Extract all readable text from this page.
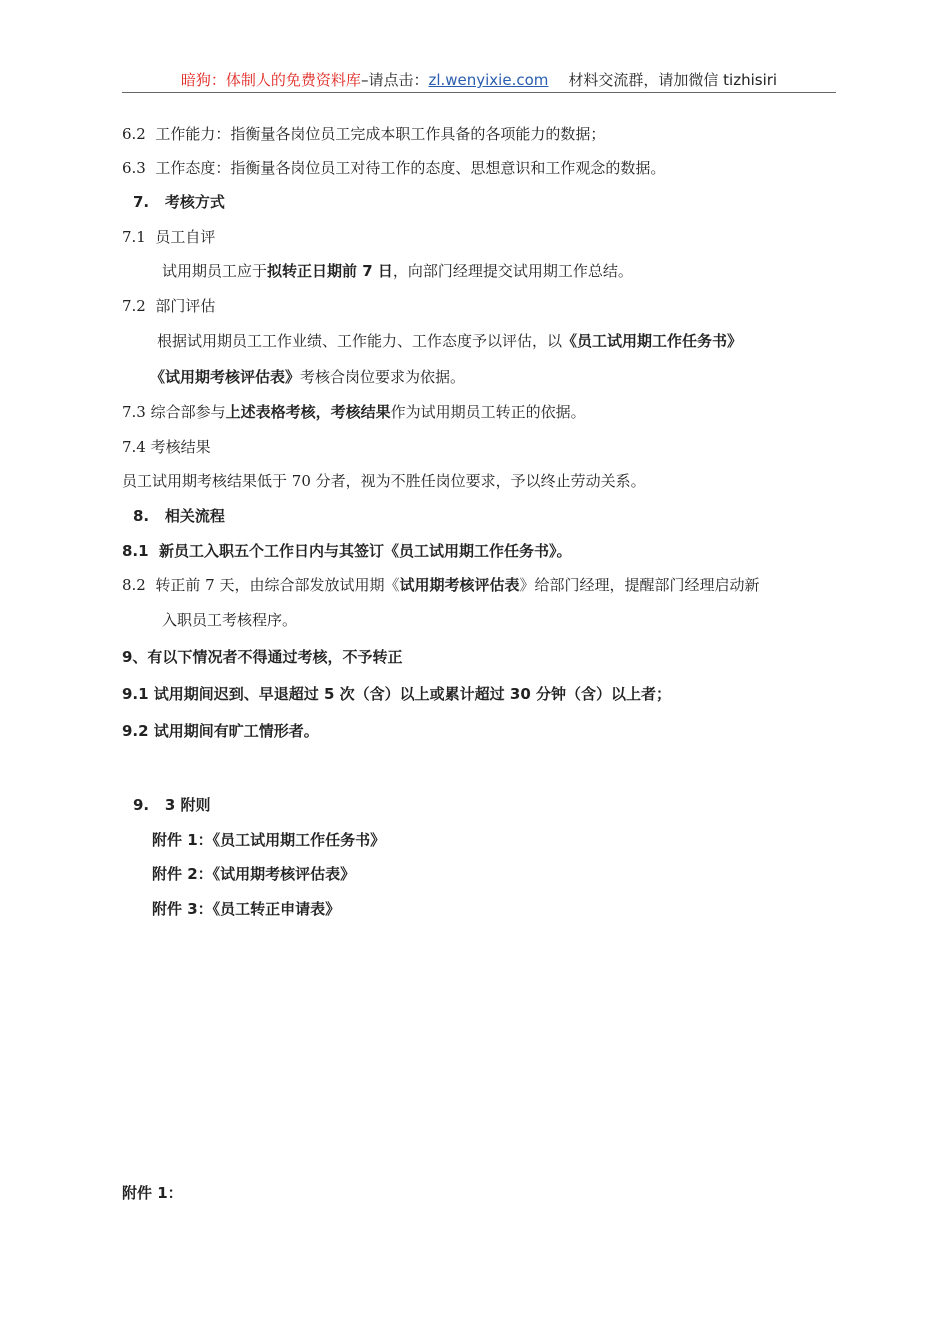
暗狗：体制人的免费资料库–请点击：zl.wenyixie.com 材料交流群，请加微信 tizhisiri
6.2 工作能力：指衡量各岗位员工完成本职工作具备的各项能力的数据；
6.3 工作态度：指衡量各岗位员工对待工作的态度、思想意识和工作观念的数据。
7. 考核方式
7.1 员工自评
试用期员工应于拟转正日期前 7 日，向部门经理提交试用期工作总结。
7.2 部门评估
根据试用期员工工作业绩、工作能力、工作态度予以评估，以《员工试用期工作任务书》
《试用期考核评估表》考核合岗位要求为依据。
7.3 综合部参与上述表格考核，考核结果作为试用期员工转正的依据。
7.4 考核结果
员工试用期考核结果低于 70 分者，视为不胜任岗位要求，予以终止劳动关系。
8. 相关流程
8.1 新员工入职五个工作日内与其签订《员工试用期工作任务书》。
8.2 转正前 7 天，由综合部发放试用期《试用期考核评估表》给部门经理，提醒部门经理启动新
入职员工考核程序。
9、有以下情况者不得通过考核，不予转正
9.1 试用期间迟到、早退超过 5 次（含）以上或累计超过 30 分钟（含）以上者；
9.2 试用期间有旷工情形者。
9. 3 附则
附件 1：《员工试用期工作任务书》
附件 2：《试用期考核评估表》
附件 3：《员工转正申请表》
附件 1：
